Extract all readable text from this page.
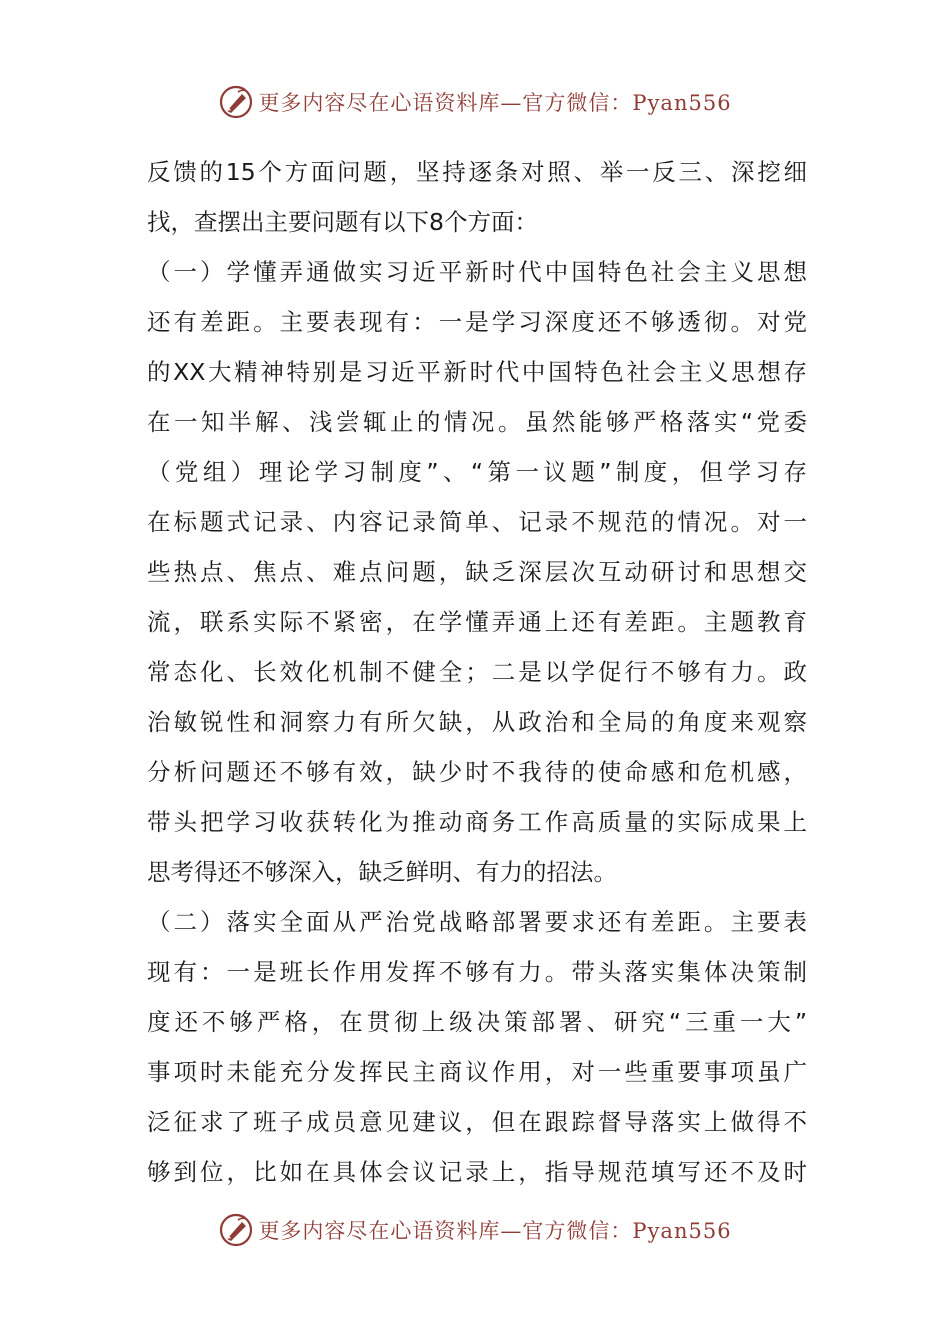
更多内容尽在心语资料库—官方微信：Pyan556
反馈的15个方面问题，坚持逐条对照、举一反三、深挖细
找，查摆出主要问题有以下8个方面：
（一）学懂弄通做实习近平新时代中国特色社会主义思想
还有差距。主要表现有：一是学习深度还不够透彻。对党
的XX大精神特别是习近平新时代中国特色社会主义思想存
在一知半解、浅尝辄止的情况。虽然能够严格落实“党委
（党组）理论学习制度”、“第一议题”制度，但学习存
在标题式记录、内容记录简单、记录不规范的情况。对一
些热点、焦点、难点问题，缺乏深层次互动研讨和思想交
流，联系实际不紧密，在学懂弄通上还有差距。主题教育
常态化、长效化机制不健全；二是以学促行不够有力。政
治敏锐性和洞察力有所欠缺，从政治和全局的角度来观察
分析问题还不够有效，缺少时不我待的使命感和危机感，
带头把学习收获转化为推动商务工作高质量的实际成果上
思考得还不够深入，缺乏鲜明、有力的招法。
（二）落实全面从严治党战略部署要求还有差距。主要表
现有：一是班长作用发挥不够有力。带头落实集体决策制
度还不够严格，在贯彻上级决策部署、研究“三重一大”
事项时未能充分发挥民主商议作用，对一些重要事项虽广
泛征求了班子成员意见建议，但在跟踪督导落实上做得不
够到位，比如在具体会议记录上，指导规范填写还不及时
更多内容尽在心语资料库—官方微信：Pyan556
